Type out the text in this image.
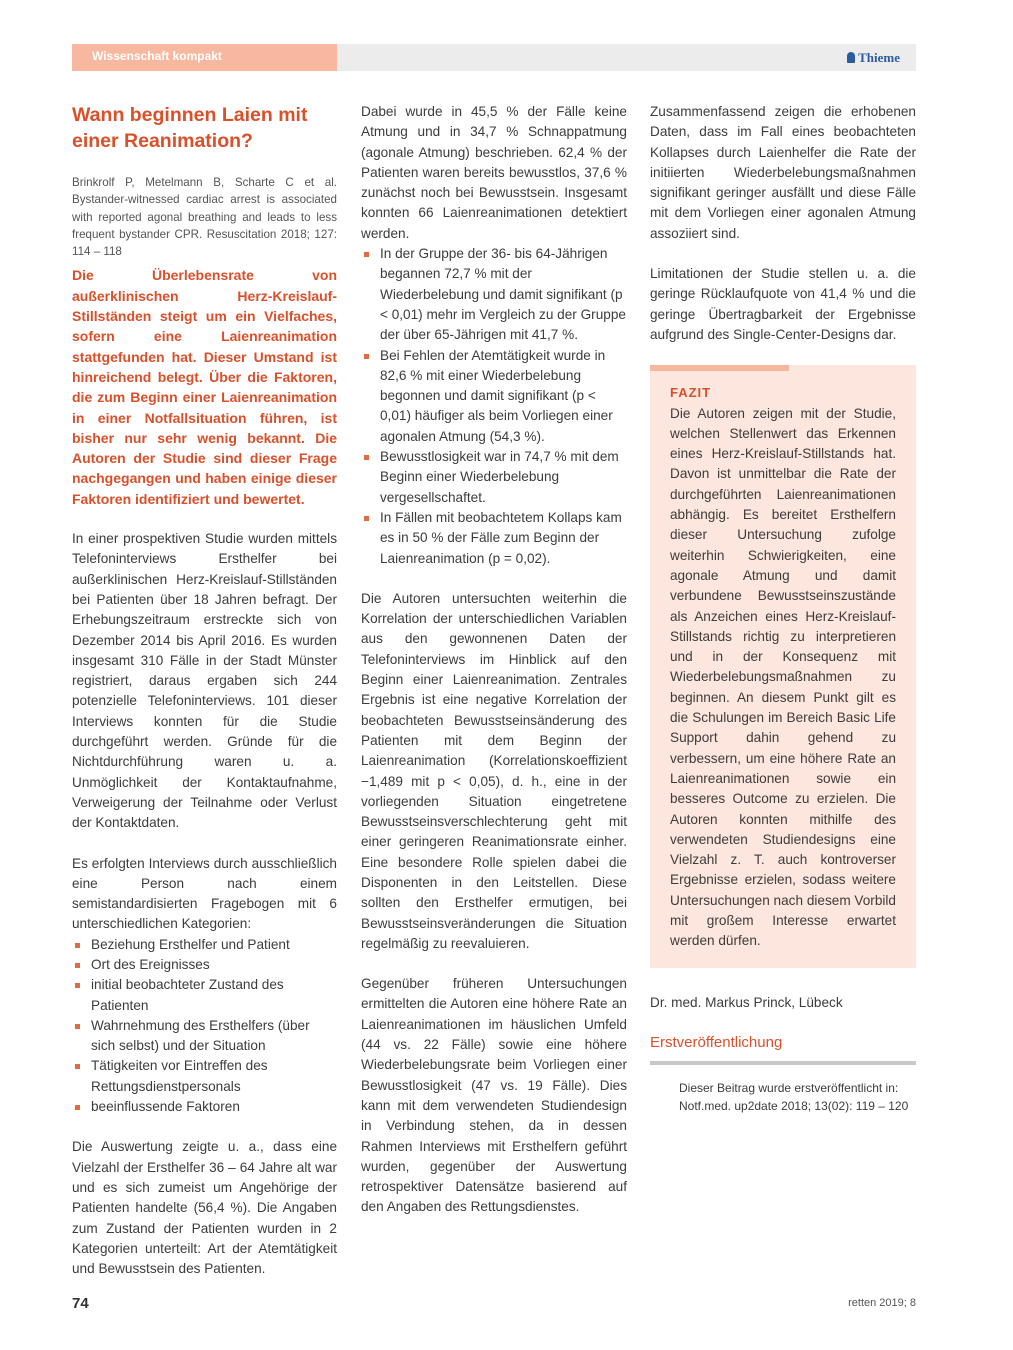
Wissenschaft kompakt	Thieme
Wann beginnen Laien mit einer Reanimation?

Brinkrolf P, Metelmann B, Scharte C et al. Bystander-witnessed cardiac arrest is associated with reported agonal breathing and leads to less frequent bystander CPR. Resuscitation 2018; 127: 114 – 118

Die Überlebensrate von außerklinischen Herz-Kreislauf-Stillständen steigt um ein Vielfaches, sofern eine Laienreanimation stattgefunden hat. Dieser Umstand ist hinreichend belegt. Über die Faktoren, die zum Beginn einer Laienreanimation in einer Notfallsituation führen, ist bisher nur sehr wenig bekannt. Die Autoren der Studie sind dieser Frage nachgegangen und haben einige dieser Faktoren identifiziert und bewertet.

In einer prospektiven Studie wurden mittels Telefoninterviews Ersthelfer bei außerklinischen Herz-Kreislauf-Stillständen bei Patienten über 18 Jahren befragt. Der Erhebungszeitraum erstreckte sich von Dezember 2014 bis April 2016. Es wurden insgesamt 310 Fälle in der Stadt Münster registriert, daraus ergaben sich 244 potenzielle Telefoninterviews. 101 dieser Interviews konnten für die Studie durchgeführt werden. Gründe für die Nichtdurchführung waren u. a. Unmöglichkeit der Kontaktaufnahme, Verweigerung der Teilnahme oder Verlust der Kontaktdaten.

Es erfolgten Interviews durch ausschließlich eine Person nach einem semistandardisierten Fragebogen mit 6 unterschiedlichen Kategorien:

Beziehung Ersthelfer und Patient
Ort des Ereignisses
initial beobachteter Zustand des Patienten
Wahrnehmung des Ersthelfers (über sich selbst) und der Situation
Tätigkeiten vor Eintreffen des Rettungsdienstpersonals
beeinflussende Faktoren

Die Auswertung zeigte u. a., dass eine Vielzahl der Ersthelfer 36 – 64 Jahre alt war und es sich zumeist um Angehörige der Patienten handelte (56,4 %). Die Angaben zum Zustand der Patienten wurden in 2 Kategorien unterteilt: Art der Atemtätigkeit und Bewusstsein des Patienten.

Dabei wurde in 45,5 % der Fälle keine Atmung und in 34,7 % Schnappatmung (agonale Atmung) beschrieben. 62,4 % der Patienten waren bereits bewusstlos, 37,6 % zunächst noch bei Bewusstsein. Insgesamt konnten 66 Laienreanimationen detektiert werden.

In der Gruppe der 36- bis 64-Jährigen begannen 72,7 % mit der Wiederbelebung und damit signifikant (p < 0,01) mehr im Vergleich zu der Gruppe der über 65-Jährigen mit 41,7 %.
Bei Fehlen der Atemtätigkeit wurde in 82,6 % mit einer Wiederbelebung begonnen und damit signifikant (p < 0,01) häufiger als beim Vorliegen einer agonalen Atmung (54,3 %).
Bewusstlosigkeit war in 74,7 % mit dem Beginn einer Wiederbelebung vergesellschaftet.
In Fällen mit beobachtetem Kollaps kam es in 50 % der Fälle zum Beginn der Laienreanimation (p = 0,02).

Die Autoren untersuchten weiterhin die Korrelation der unterschiedlichen Variablen aus den gewonnenen Daten der Telefoninterviews im Hinblick auf den Beginn einer Laienreanimation. Zentrales Ergebnis ist eine negative Korrelation der beobachteten Bewusstseinsänderung des Patienten mit dem Beginn der Laienreanimation (Korrelationskoeffizient −1,489 mit p < 0,05), d. h., eine in der vorliegenden Situation eingetretene Bewusstseinsverschlechterung geht mit einer geringeren Reanimationsrate einher. Eine besondere Rolle spielen dabei die Disponenten in den Leitstellen. Diese sollten den Ersthelfer ermutigen, bei Bewusstseinsveränderungen die Situation regelmäßig zu reevaluieren.

Gegenüber früheren Untersuchungen ermittelten die Autoren eine höhere Rate an Laienreanimationen im häuslichen Umfeld (44 vs. 22 Fälle) sowie eine höhere Wiederbelebungsrate beim Vorliegen einer Bewusstlosigkeit (47 vs. 19 Fälle). Dies kann mit dem verwendeten Studiendesign in Verbindung stehen, da in dessen Rahmen Interviews mit Ersthelfern geführt wurden, gegenüber der Auswertung retrospektiver Datensätze basierend auf den Angaben des Rettungsdienstes.

Zusammenfassend zeigen die erhobenen Daten, dass im Fall eines beobachteten Kollapses durch Laienhelfer die Rate der initiierten Wiederbelebungsmaßnahmen signifikant geringer ausfällt und diese Fälle mit dem Vorliegen einer agonalen Atmung assoziiert sind.

Limitationen der Studie stellen u. a. die geringe Rücklaufquote von 41,4 % und die geringe Übertragbarkeit der Ergebnisse aufgrund des Single-Center-Designs dar.

FAZIT

Die Autoren zeigen mit der Studie, welchen Stellenwert das Erkennen eines Herz-Kreislauf-Stillstands hat. Davon ist unmittelbar die Rate der durchgeführten Laienreanimationen abhängig. Es bereitet Ersthelfern dieser Untersuchung zufolge weiterhin Schwierigkeiten, eine agonale Atmung und damit verbundene Bewusstseinszustände als Anzeichen eines Herz-Kreislauf-Stillstands richtig zu interpretieren und in der Konsequenz mit Wiederbelebungsmaßnahmen zu beginnen. An diesem Punkt gilt es die Schulungen im Bereich Basic Life Support dahin gehend zu verbessern, um eine höhere Rate an Laienreanimationen sowie ein besseres Outcome zu erzielen. Die Autoren konnten mithilfe des verwendeten Studiendesigns eine Vielzahl z. T. auch kontroverser Ergebnisse erzielen, sodass weitere Untersuchungen nach diesem Vorbild mit großem Interesse erwartet werden dürfen.

Dr. med. Markus Princk, Lübeck

Erstveröffentlichung

Dieser Beitrag wurde erstveröffentlicht in: Notf.med. up2date 2018; 13(02): 119 – 120

74	retten 2019; 8
